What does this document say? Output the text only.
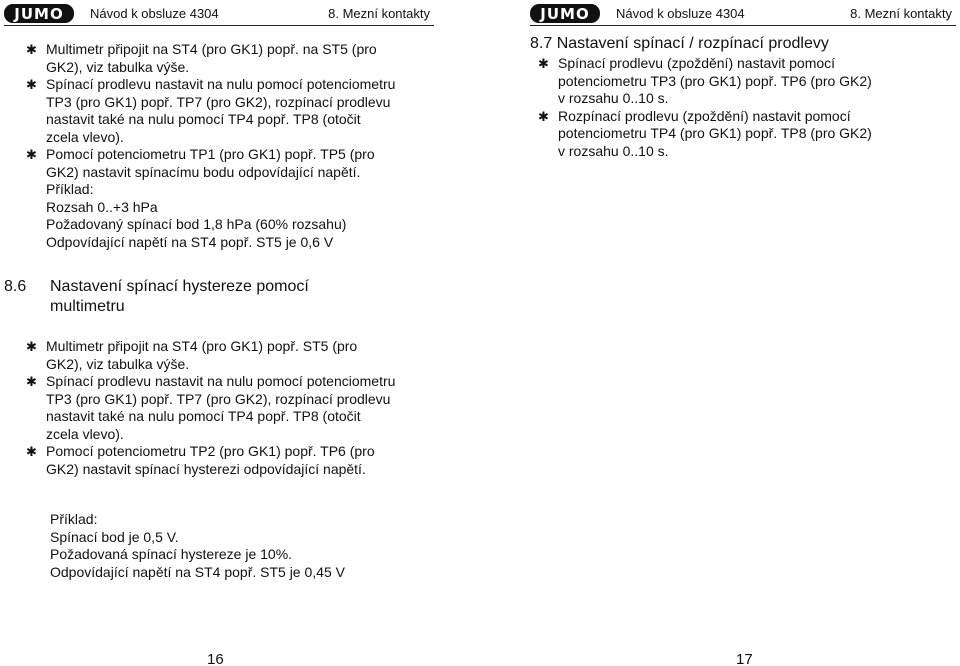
JUMO	Návod k obsluze 4304	8. Mezní kontakty
✱ Multimetr připojit na ST4 (pro GK1) popř. na ST5 (pro
GK2), viz tabulka výše.
✱ Spínací prodlevu nastavit na nulu pomocí potenciometru
TP3 (pro GK1) popř. TP7 (pro GK2), rozpínací prodlevu
nastavit také na nulu pomocí TP4 popř. TP8 (otočit
zcela vlevo).
✱ Pomocí potenciometru TP1 (pro GK1) popř. TP5 (pro
GK2) nastavit spínacímu bodu odpovídající napětí.
Příklad:
Rozsah 0..+3 hPa
Požadovaný spínací bod 1,8 hPa (60% rozsahu)
Odpovídající napětí na ST4 popř. ST5 je 0,6 V
8.6 Nastavení spínací hystereze pomocí
multimetru
✱ Multimetr připojit na ST4 (pro GK1) popř. ST5 (pro
GK2), viz tabulka výše.
✱ Spínací prodlevu nastavit na nulu pomocí potenciometru
TP3 (pro GK1) popř. TP7 (pro GK2), rozpínací prodlevu
nastavit také na nulu pomocí TP4 popř. TP8 (otočit
zcela vlevo).
✱ Pomocí potenciometru TP2 (pro GK1) popř. TP6 (pro
GK2) nastavit spínací hysterezi odpovídající napětí.
Příklad:
Spínací bod je 0,5 V.
Požadovaná spínací hystereze je 10%.
Odpovídající napětí na ST4 popř. ST5 je 0,45 V
16
JUMO	Návod k obsluze 4304	8. Mezní kontakty
8.7 Nastavení spínací / rozpínací prodlevy
✱ Spínací prodlevu (zpoždění) nastavit pomocí
potenciometru TP3 (pro GK1) popř. TP6 (pro GK2)
v rozsahu 0..10 s.
✱ Rozpínací prodlevu (zpoždění) nastavit pomocí
potenciometru TP4 (pro GK1) popř. TP8 (pro GK2)
v rozsahu 0..10 s.
17
